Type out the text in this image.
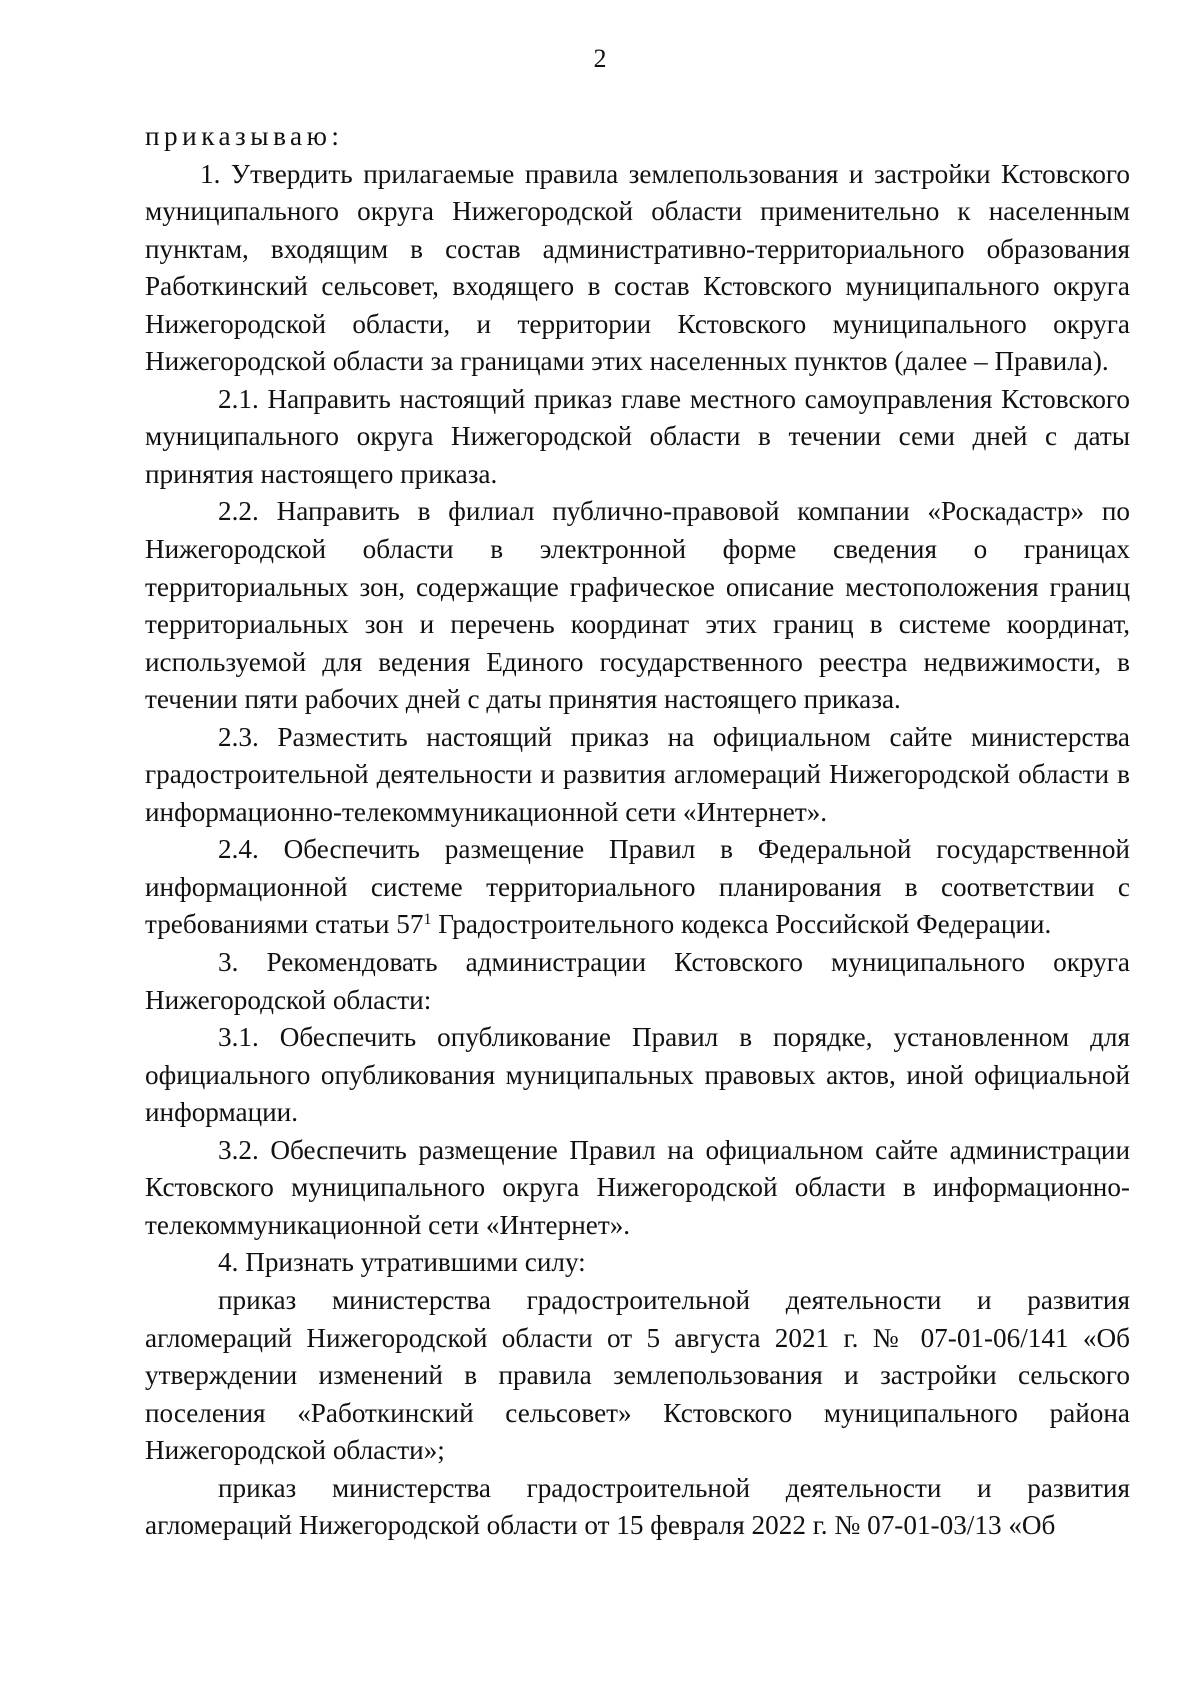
2

приказываю:

1. Утвердить прилагаемые правила землепользования и застройки Кстовского муниципального округа Нижегородской области применительно к населенным пунктам, входящим в состав административно-территориального образования Работкинский сельсовет, входящего в состав Кстовского муниципального округа Нижегородской области, и территории Кстовского муниципального округа Нижегородской области за границами этих населенных пунктов (далее – Правила).

2.1. Направить настоящий приказ главе местного самоуправления Кстовского муниципального округа Нижегородской области в течении семи дней с даты принятия настоящего приказа.

2.2. Направить в филиал публично-правовой компании «Роскадастр» по Нижегородской области в электронной форме сведения о границах территориальных зон, содержащие графическое описание местоположения границ территориальных зон и перечень координат этих границ в системе координат, используемой для ведения Единого государственного реестра недвижимости, в течении пяти рабочих дней с даты принятия настоящего приказа.

2.3. Разместить настоящий приказ на официальном сайте министерства градостроительной деятельности и развития агломераций Нижегородской области в информационно-телекоммуникационной сети «Интернет».

2.4. Обеспечить размещение Правил в Федеральной государственной информационной системе территориального планирования в соответствии с требованиями статьи $57^1$ Градостроительного кодекса Российской Федерации.

3. Рекомендовать администрации Кстовского муниципального округа Нижегородской области:

3.1. Обеспечить опубликование Правил в порядке, установленном для официального опубликования муниципальных правовых актов, иной официальной информации.

3.2. Обеспечить размещение Правил на официальном сайте администрации Кстовского муниципального округа Нижегородской области в информационно-телекоммуникационной сети «Интернет».

4. Признать утратившими силу:

приказ министерства градостроительной деятельности и развития агломераций Нижегородской области от 5 августа 2021 г. № 07-01-06/141 «Об утверждении изменений в правила землепользования и застройки сельского поселения «Работкинский сельсовет» Кстовского муниципального района Нижегородской области»;

приказ министерства градостроительной деятельности и развития агломераций Нижегородской области от 15 февраля 2022 г. № 07-01-03/13 «Об
